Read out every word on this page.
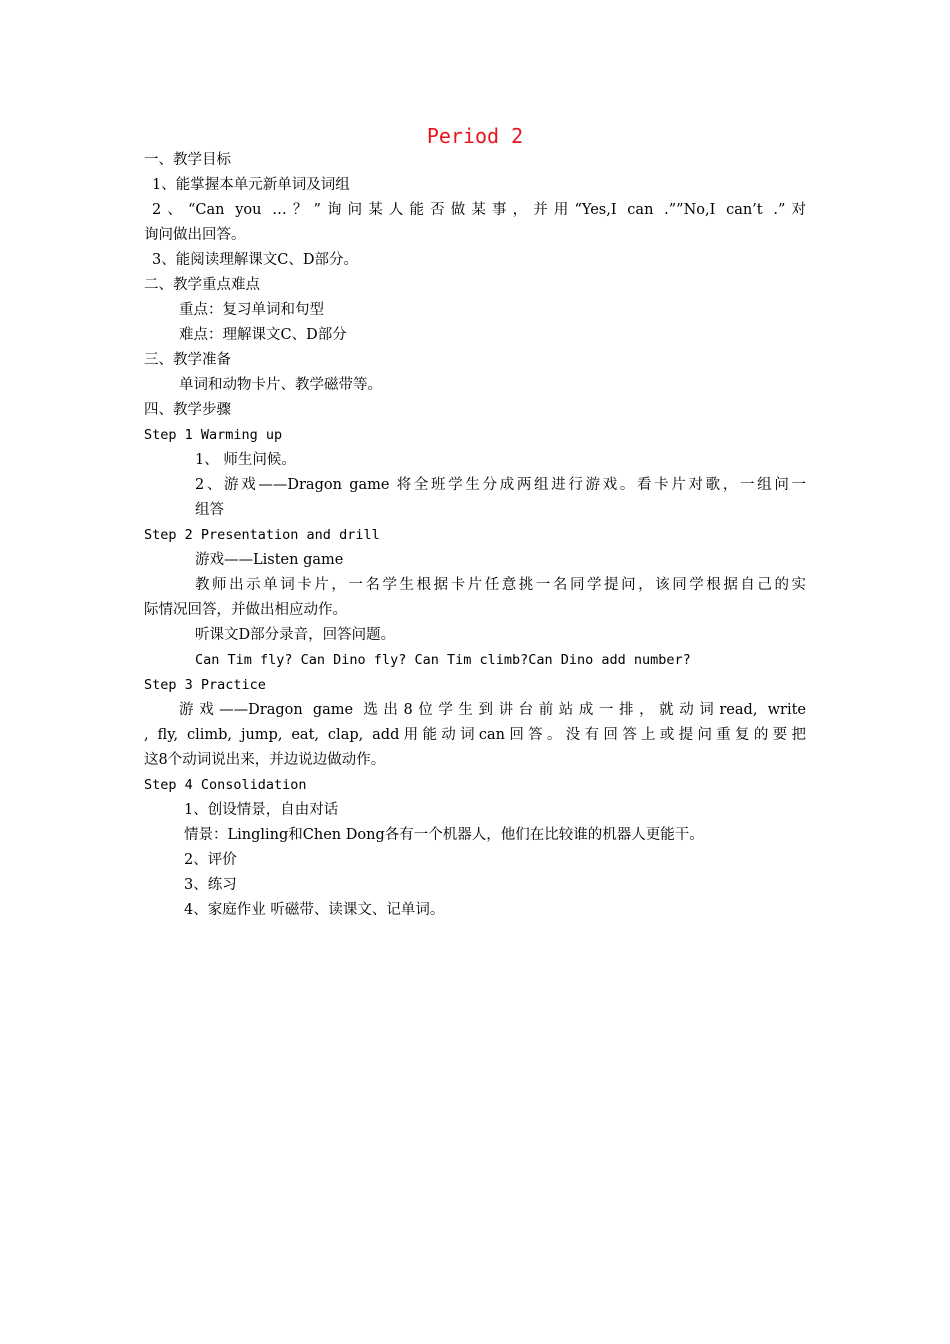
Period 2
一、教学目标
1、能掌握本单元新单词及词组
2、“Can you …？”询问某人能否做某事，并用“Yes,I can .””No,I can’t .”对
询问做出回答。
3、能阅读理解课文C、D部分。
二、教学重点难点
重点：复习单词和句型
难点：理解课文C、D部分
三、教学准备
单词和动物卡片、教学磁带等。
四、教学步骤
Step 1 Warming up
1、 师生问候。
2、游戏——Dragon game 将全班学生分成两组进行游戏。看卡片对歌，一组问一
组答
Step 2 Presentation and drill
游戏——Listen game
教师出示单词卡片，一名学生根据卡片任意挑一名同学提问，该同学根据自己的实
际情况回答，并做出相应动作。
听课文D部分录音，回答问题。
Can Tim fly? Can Dino fly? Can Tim climb?Can Dino add number?
Step 3 Practice
游戏——Dragon game 选出8位学生到讲台前站成一排，就动词read, write
, fly, climb, jump, eat, clap, add用能动词can回答。没有回答上或提问重复的要把
这8个动词说出来，并边说边做动作。
Step 4 Consolidation
1、创设情景，自由对话
情景：Lingling和Chen Dong各有一个机器人，他们在比较谁的机器人更能干。
2、评价
3、练习
4、家庭作业 听磁带、读课文、记单词。
